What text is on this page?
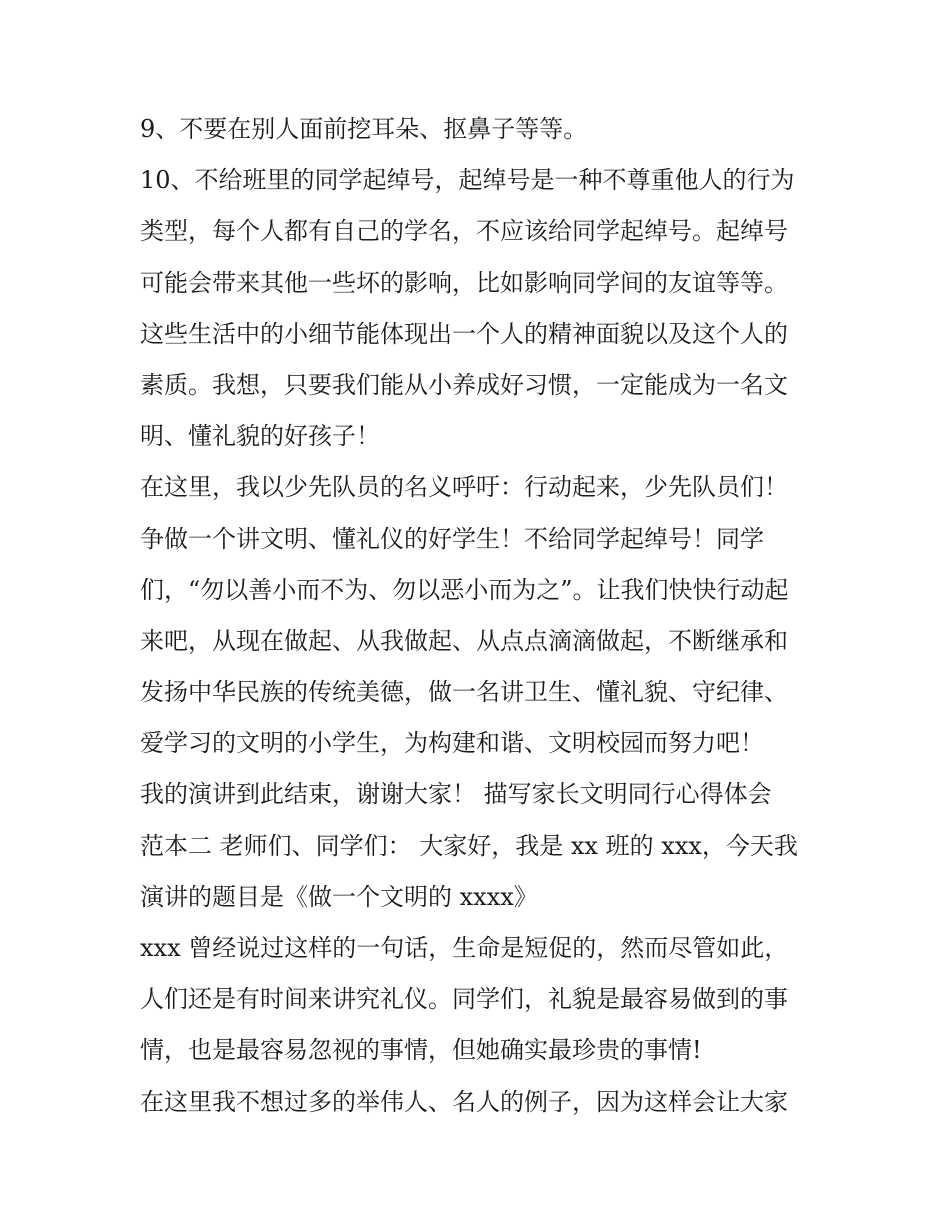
9、不要在别人面前挖耳朵、抠鼻子等等。
10、不给班里的同学起绰号，起绰号是一种不尊重他人的行为
类型，每个人都有自己的学名，不应该给同学起绰号。起绰号
可能会带来其他一些坏的影响，比如影响同学间的友谊等等。
这些生活中的小细节能体现出一个人的精神面貌以及这个人的
素质。我想，只要我们能从小养成好习惯，一定能成为一名文
明、懂礼貌的好孩子！
在这里，我以少先队员的名义呼吁：行动起来，少先队员们！
争做一个讲文明、懂礼仪的好学生！不给同学起绰号！同学
们，“勿以善小而不为、勿以恶小而为之”。让我们快快行动起
来吧，从现在做起、从我做起、从点点滴滴做起，不断继承和
发扬中华民族的传统美德，做一名讲卫生、懂礼貌、守纪律、
爱学习的文明的小学生，为构建和谐、文明校园而努力吧！
我的演讲到此结束，谢谢大家！ 描写家长文明同行心得体会
范本二 老师们、同学们： 大家好，我是 xx 班的 xxx，今天我
演讲的题目是《做一个文明的 xxxx》
xxx 曾经说过这样的一句话，生命是短促的，然而尽管如此，
人们还是有时间来讲究礼仪。同学们，礼貌是最容易做到的事
情，也是最容易忽视的事情，但她确实最珍贵的事情!
在这里我不想过多的举伟人、名人的例子，因为这样会让大家
